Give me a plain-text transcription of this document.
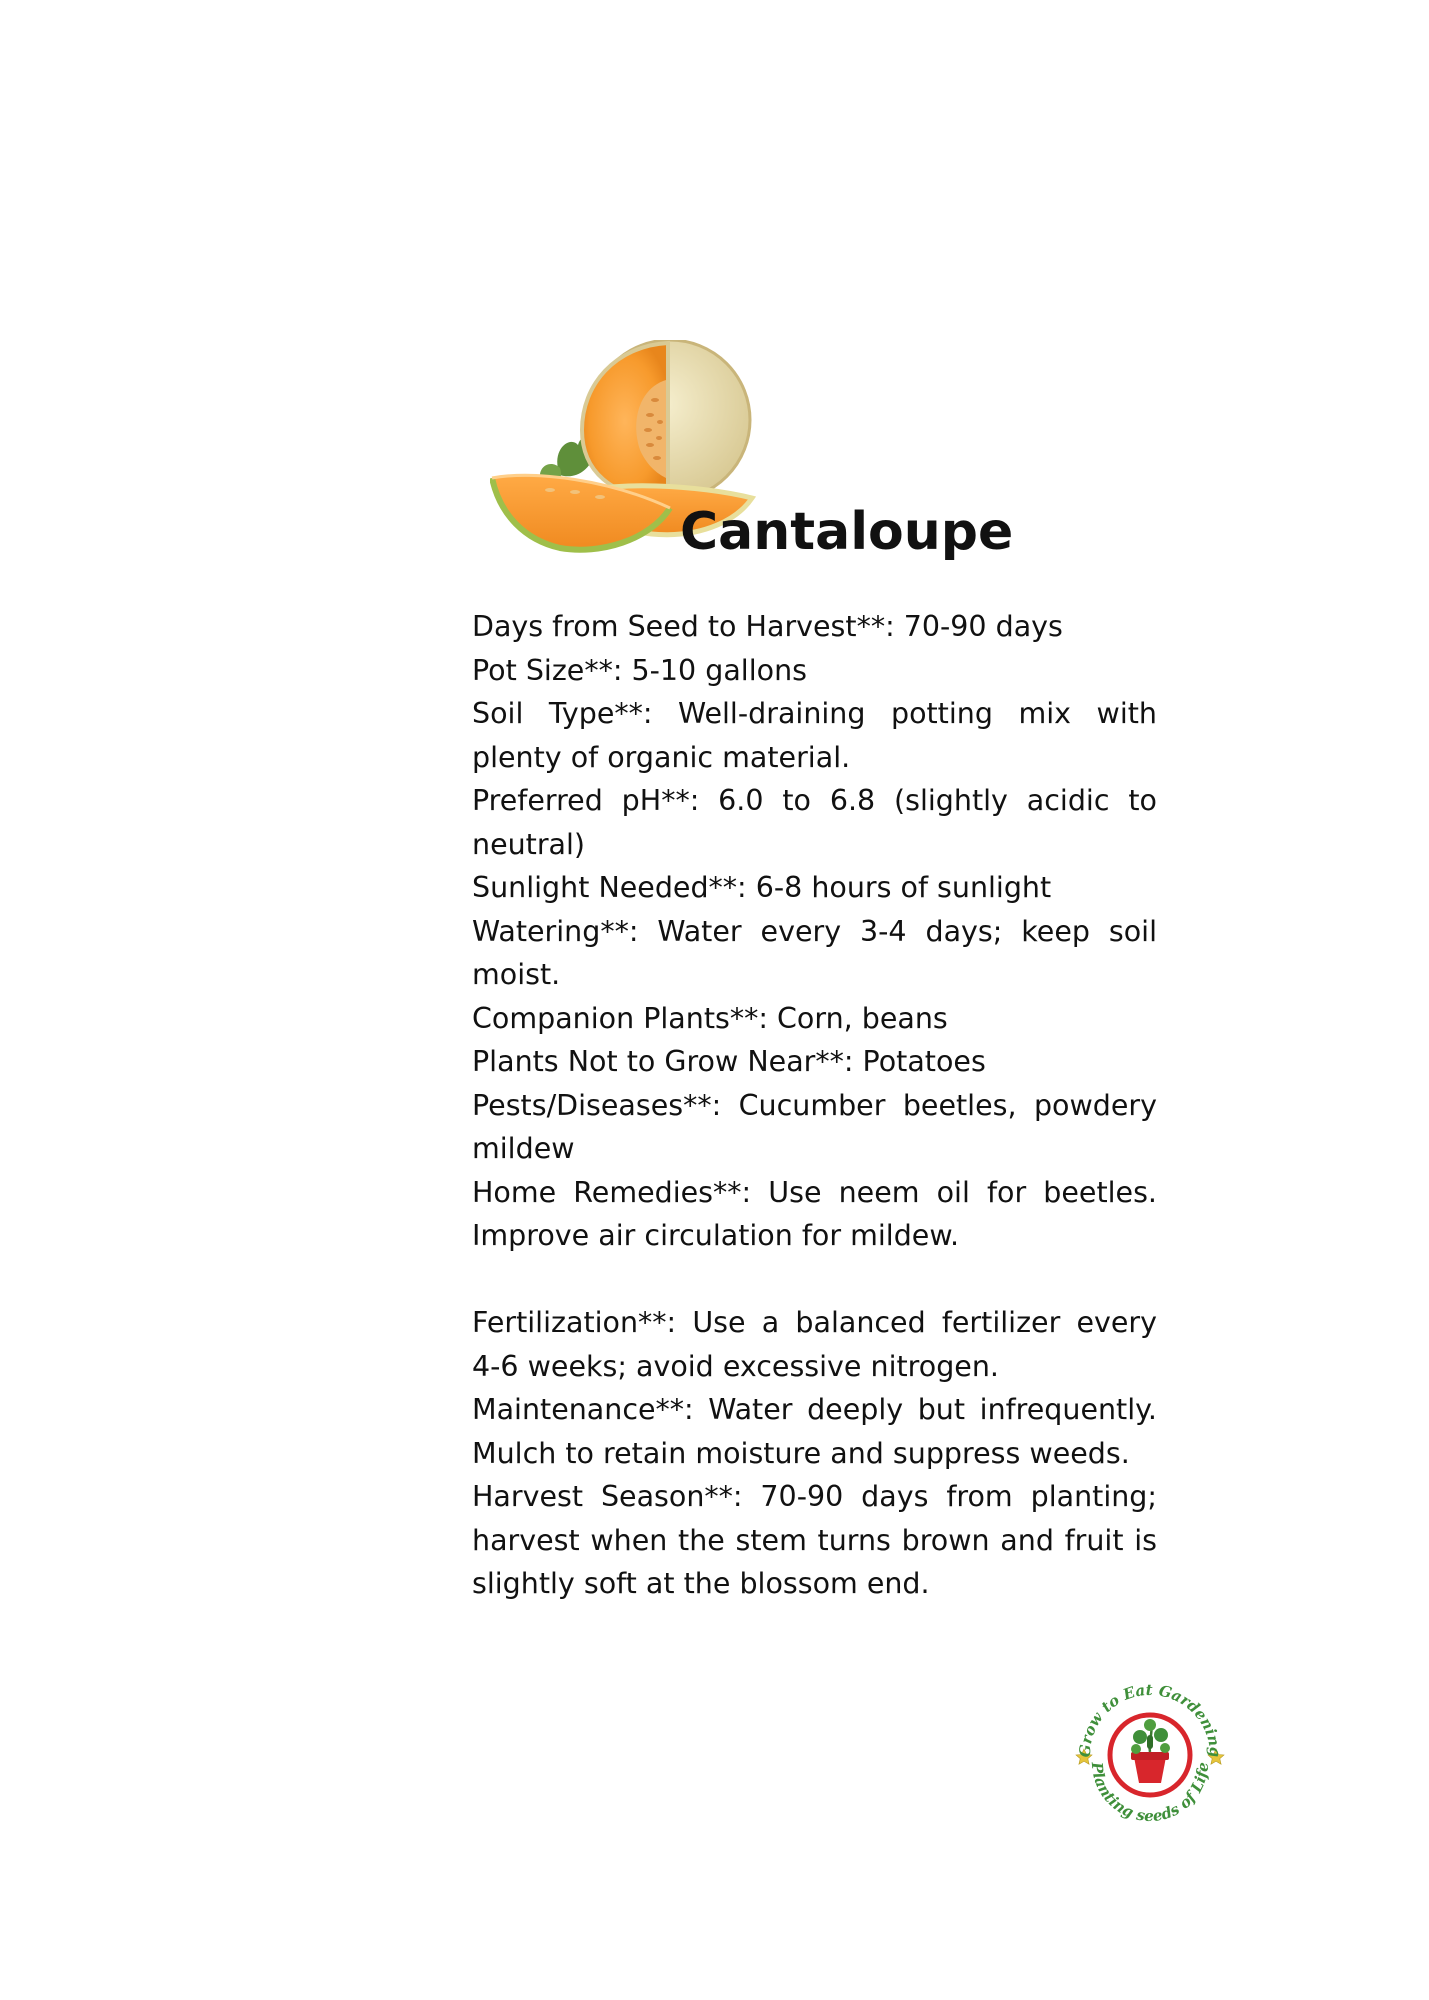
Cantaloupe

Days from Seed to Harvest**: 70-90 days

Pot Size**: 5-10 gallons

Soil Type**: Well-draining potting mix with plenty of organic material.

Preferred pH**: 6.0 to 6.8 (slightly acidic to neutral)

Sunlight Needed**: 6-8 hours of sunlight

Watering**: Water every 3-4 days; keep soil moist.

Companion Plants**: Corn, beans

Plants Not to Grow Near**: Potatoes

Pests/Diseases**: Cucumber beetles, powdery mildew

Home Remedies**: Use neem oil for beetles. Improve air circulation for mildew.

Fertilization**: Use a balanced fertilizer every 4-6 weeks; avoid excessive nitrogen.

Maintenance**: Water deeply but infrequently. Mulch to retain moisture and suppress weeds.

Harvest Season**: 70-90 days from planting; harvest when the stem turns brown and fruit is slightly soft at the blossom end.

Grow to Eat Gardening
Planting seeds of Life
